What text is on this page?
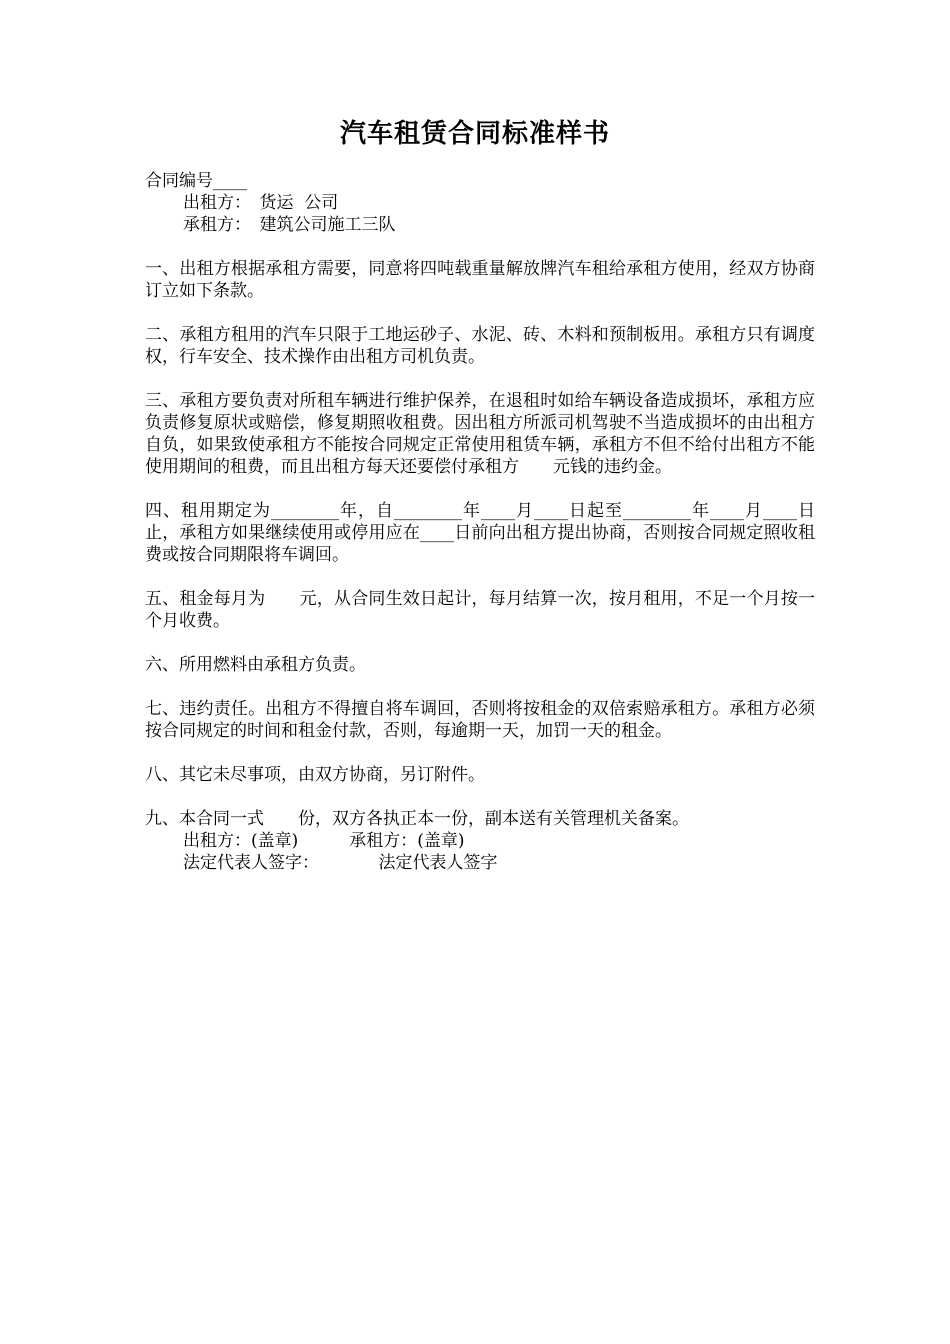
汽车租赁合同标准样书
合同编号____
出租方：　货运  公司
承租方：　建筑公司施工三队
一、出租方根据承租方需要，同意将四吨载重量解放牌汽车租给承租方使用，经双方协商订立如下条款。
二、承租方租用的汽车只限于工地运砂子、水泥、砖、木料和预制板用。承租方只有调度权，行车安全、技术操作由出租方司机负责。
三、承租方要负责对所租车辆进行维护保养，在退租时如给车辆设备造成损坏，承租方应负责修复原状或赔偿，修复期照收租费。因出租方所派司机驾驶不当造成损坏的由出租方自负，如果致使承租方不能按合同规定正常使用租赁车辆，承租方不但不给付出租方不能使用期间的租费，而且出租方每天还要偿付承租方　　元钱的违约金。
四、租用期定为________年，自________年____月____日起至________年____月____日止，承租方如果继续使用或停用应在____日前向出租方提出协商，否则按合同规定照收租费或按合同期限将车调回。
五、租金每月为　　元，从合同生效日起计，每月结算一次，按月租用，不足一个月按一个月收费。
六、所用燃料由承租方负责。
七、违约责任。出租方不得擅自将车调回，否则将按租金的双倍索赔承租方。承租方必须按合同规定的时间和租金付款，否则，每逾期一天，加罚一天的租金。
八、其它未尽事项，由双方协商，另订附件。
九、本合同一式　　份，双方各执正本一份，副本送有关管理机关备案。
出租方：(盖章)　　　承租方：(盖章)
法定代表人签字：　　　　法定代表人签字
